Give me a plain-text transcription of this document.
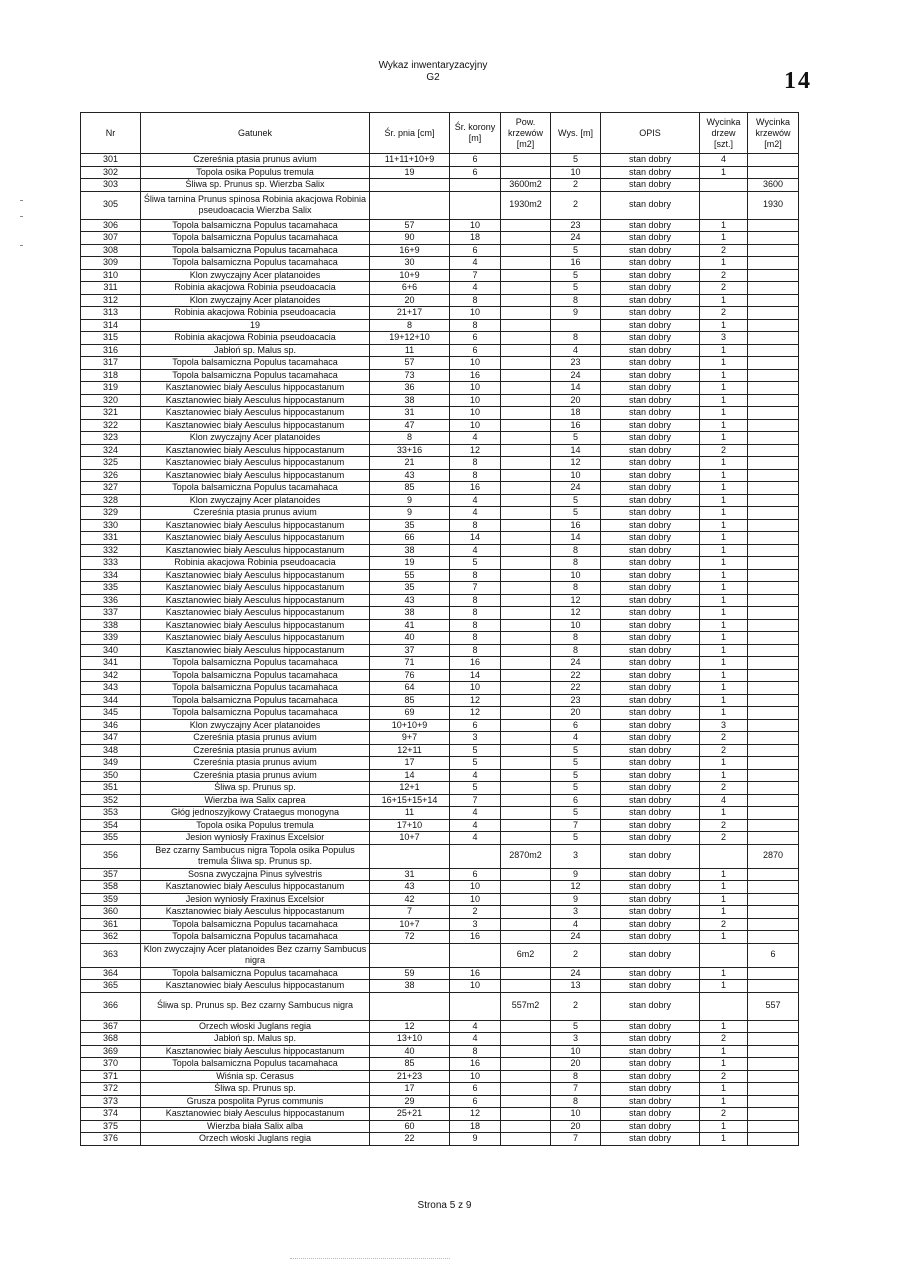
Wykaz inwentaryzacyjny
G2	14
Nr	Gatunek	Śr. pnia [cm]	Śr. korony [m]	Pow. krzewów [m2]	Wys. [m]	OPIS	Wycinka drzew [szt.]	Wycinka krzewów [m2]
301	Czereśnia ptasia prunus avium	11+11+10+9	6		5	stan dobry	4	
302	Topola osika Populus tremula	19	6		10	stan dobry	1	
303	Śliwa sp. Prunus sp. Wierzba Salix			3600m2	2	stan dobry		3600
305	Śliwa tarnina Prunus spinosa Robinia akacjowa Robinia pseudoacacia Wierzba Salix			1930m2	2	stan dobry		1930
306	Topola balsamiczna Populus tacamahaca	57	10		23	stan dobry	1	
307	Topola balsamiczna Populus tacamahaca	90	18		24	stan dobry	1	
308	Topola balsamiczna Populus tacamahaca	16+9	6		5	stan dobry	2	
309	Topola balsamiczna Populus tacamahaca	30	4		16	stan dobry	1	
310	Klon zwyczajny Acer platanoides	10+9	7		5	stan dobry	2	
311	Robinia akacjowa Robinia pseudoacacia	6+6	4		5	stan dobry	2	
312	Klon zwyczajny Acer platanoides	20	8		8	stan dobry	1	
313	Robinia akacjowa Robinia pseudoacacia	21+17	10		9	stan dobry	2	
314	19	8	8			stan dobry	1	
315	Robinia akacjowa Robinia pseudoacacia	19+12+10	6		8	stan dobry	3	
316	Jabłoń sp. Malus sp.	11	6		4	stan dobry	1	
317	Topola balsamiczna Populus tacamahaca	57	10		23	stan dobry	1	
318	Topola balsamiczna Populus tacamahaca	73	16		24	stan dobry	1	
319	Kasztanowiec biały Aesculus hippocastanum	36	10		14	stan dobry	1	
320	Kasztanowiec biały Aesculus hippocastanum	38	10		20	stan dobry	1	
321	Kasztanowiec biały Aesculus hippocastanum	31	10		18	stan dobry	1	
322	Kasztanowiec biały Aesculus hippocastanum	47	10		16	stan dobry	1	
323	Klon zwyczajny Acer platanoides	8	4		5	stan dobry	1	
324	Kasztanowiec biały Aesculus hippocastanum	33+16	12		14	stan dobry	2	
325	Kasztanowiec biały Aesculus hippocastanum	21	8		12	stan dobry	1	
326	Kasztanowiec biały Aesculus hippocastanum	43	8		10	stan dobry	1	
327	Topola balsamiczna Populus tacamahaca	85	16		24	stan dobry	1	
328	Klon zwyczajny Acer platanoides	9	4		5	stan dobry	1	
329	Czereśnia ptasia prunus avium	9	4		5	stan dobry	1	
330	Kasztanowiec biały Aesculus hippocastanum	35	8		16	stan dobry	1	
331	Kasztanowiec biały Aesculus hippocastanum	66	14		14	stan dobry	1	
332	Kasztanowiec biały Aesculus hippocastanum	38	4		8	stan dobry	1	
333	Robinia akacjowa Robinia pseudoacacia	19	5		8	stan dobry	1	
334	Kasztanowiec biały Aesculus hippocastanum	55	8		10	stan dobry	1	
335	Kasztanowiec biały Aesculus hippocastanum	35	7		8	stan dobry	1	
336	Kasztanowiec biały Aesculus hippocastanum	43	8		12	stan dobry	1	
337	Kasztanowiec biały Aesculus hippocastanum	38	8		12	stan dobry	1	
338	Kasztanowiec biały Aesculus hippocastanum	41	8		10	stan dobry	1	
339	Kasztanowiec biały Aesculus hippocastanum	40	8		8	stan dobry	1	
340	Kasztanowiec biały Aesculus hippocastanum	37	8		8	stan dobry	1	
341	Topola balsamiczna Populus tacamahaca	71	16		24	stan dobry	1	
342	Topola balsamiczna Populus tacamahaca	76	14		22	stan dobry	1	
343	Topola balsamiczna Populus tacamahaca	64	10		22	stan dobry	1	
344	Topola balsamiczna Populus tacamahaca	85	12		23	stan dobry	1	
345	Topola balsamiczna Populus tacamahaca	69	12		20	stan dobry	1	
346	Klon zwyczajny Acer platanoides	10+10+9	6		6	stan dobry	3	
347	Czereśnia ptasia prunus avium	9+7	3		4	stan dobry	2	
348	Czereśnia ptasia prunus avium	12+11	5		5	stan dobry	2	
349	Czereśnia ptasia prunus avium	17	5		5	stan dobry	1	
350	Czereśnia ptasia prunus avium	14	4		5	stan dobry	1	
351	Śliwa sp. Prunus sp.	12+1	5		5	stan dobry	2	
352	Wierzba iwa Salix caprea	16+15+15+14	7		6	stan dobry	4	
353	Głóg jednoszyjkowy Crataegus monogyna	11	4		5	stan dobry	1	
354	Topola osika Populus tremula	17+10	4		7	stan dobry	2	
355	Jesion wyniosły Fraxinus Excelsior	10+7	4		5	stan dobry	2	
356	Bez czarny Sambucus nigra Topola osika Populus tremula Śliwa sp. Prunus sp.			2870m2	3	stan dobry		2870
357	Sosna zwyczajna Pinus sylvestris	31	6		9	stan dobry	1	
358	Kasztanowiec biały Aesculus hippocastanum	43	10		12	stan dobry	1	
359	Jesion wyniosły Fraxinus Excelsior	42	10		9	stan dobry	1	
360	Kasztanowiec biały Aesculus hippocastanum	7	2		3	stan dobry	1	
361	Topola balsamiczna Populus tacamahaca	10+7	3		4	stan dobry	2	
362	Topola balsamiczna Populus tacamahaca	72	16		24	stan dobry	1	
363	Klon zwyczajny Acer platanoides Bez czarny Sambucus nigra			6m2	2	stan dobry		6
364	Topola balsamiczna Populus tacamahaca	59	16		24	stan dobry	1	
365	Kasztanowiec biały Aesculus hippocastanum	38	10		13	stan dobry	1	
366	Śliwa sp. Prunus sp. Bez czarny Sambucus nigra			557m2	2	stan dobry		557
367	Orzech włoski Juglans regia	12	4		5	stan dobry	1	
368	Jabłoń sp. Malus sp.	13+10	4		3	stan dobry	2	
369	Kasztanowiec biały Aesculus hippocastanum	40	8		10	stan dobry	1	
370	Topola balsamiczna Populus tacamahaca	85	16		20	stan dobry	1	
371	Wiśnia sp. Cerasus	21+23	10		8	stan dobry	2	
372	Śliwa sp. Prunus sp.	17	6		7	stan dobry	1	
373	Grusza pospolita Pyrus communis	29	6		8	stan dobry	1	
374	Kasztanowiec biały Aesculus hippocastanum	25+21	12		10	stan dobry	2	
375	Wierzba biała Salix alba	60	18		20	stan dobry	1	
376	Orzech włoski Juglans regia	22	9		7	stan dobry	1	
Strona 5 z 9
